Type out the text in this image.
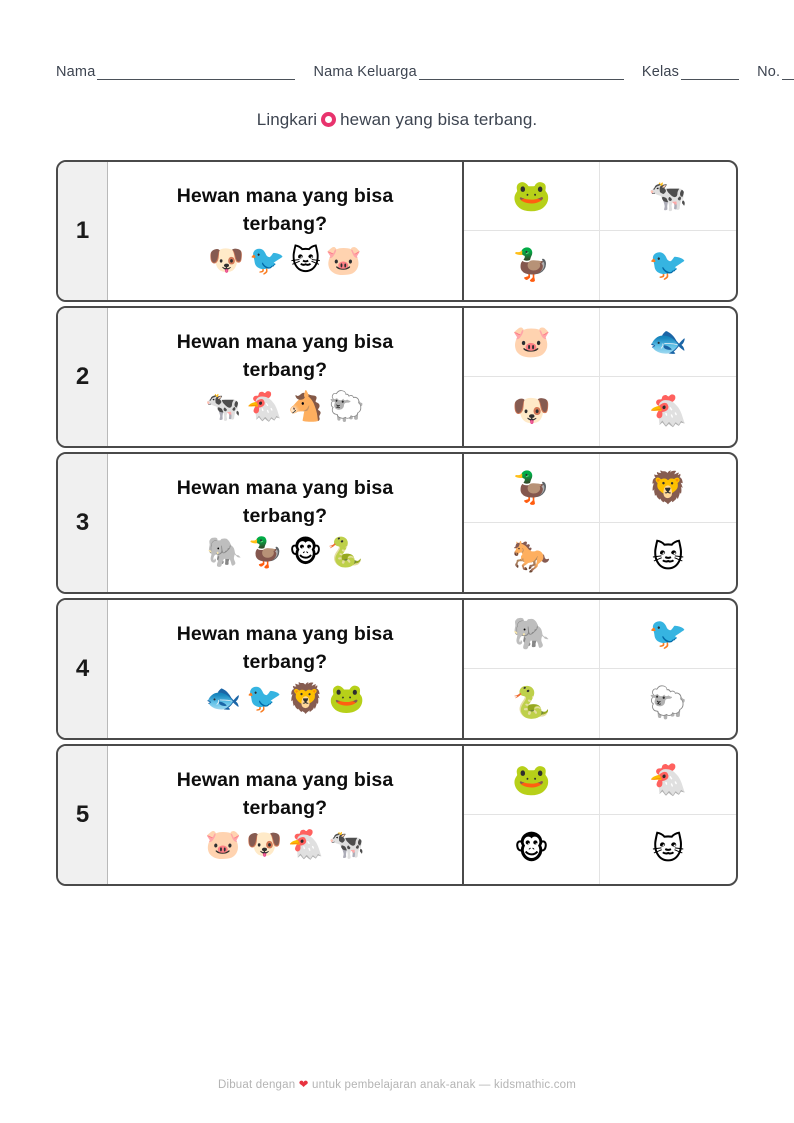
Nama	Nama Keluarga	Kelas	No.
Lingkari hewan yang bisa terbang.
1
Hewan mana yang bisa terbang?
🐶 🐦 🐱 🐷
🐸	🐄
🦆	🐦
2
Hewan mana yang bisa terbang?
🐄 🐔 🐴 🐑
🐷	🐟
🐶	🐔
3
Hewan mana yang bisa terbang?
🐘 🦆 🐵 🐍
🦆	🦁
🐎	🐱
4
Hewan mana yang bisa terbang?
🐟 🐦 🦁 🐸
🐘	🐦
🐍	🐑
5
Hewan mana yang bisa terbang?
🐷 🐶 🐔 🐄
🐸	🐔
🐵	🐱
Dibuat dengan ❤ untuk pembelajaran anak-anak — kidsmathic.com
